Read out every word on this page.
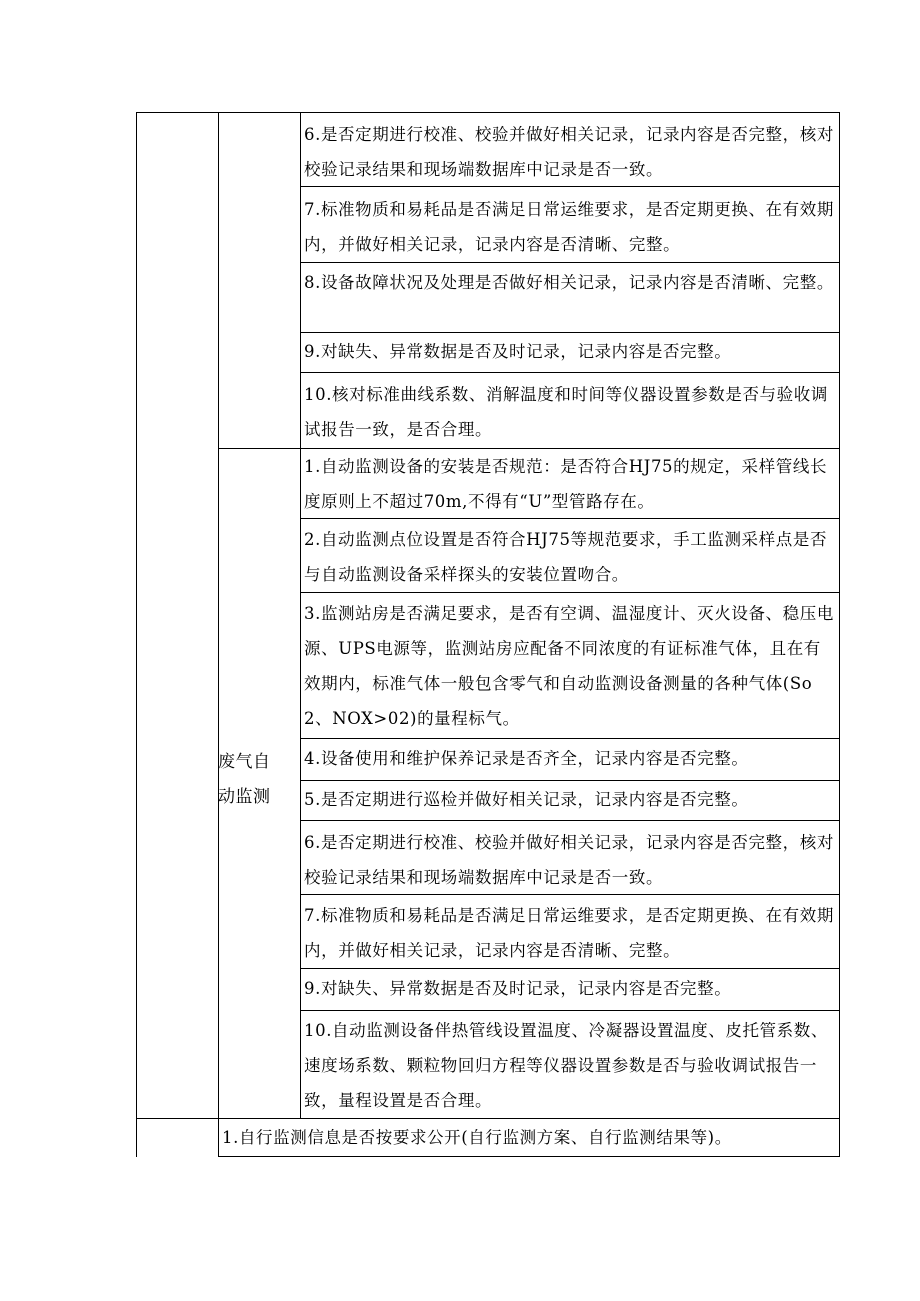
废气自动监测
6.是否定期进行校准、校验并做好相关记录，记录内容是否完整，核对校验记录结果和现场端数据库中记录是否一致。
7.标准物质和易耗品是否满足日常运维要求，是否定期更换、在有效期内，并做好相关记录，记录内容是否清晰、完整。
8.设备故障状况及处理是否做好相关记录，记录内容是否清晰、完整。
9.对缺失、异常数据是否及时记录，记录内容是否完整。
10.核对标准曲线系数、消解温度和时间等仪器设置参数是否与验收调试报告一致，是否合理。
1.自动监测设备的安装是否规范：是否符合HJ75的规定，采样管线长度原则上不超过70m,不得有“U”型管路存在。
2.自动监测点位设置是否符合HJ75等规范要求，手工监测采样点是否与自动监测设备采样探头的安装位置吻合。
3.监测站房是否满足要求，是否有空调、温湿度计、灭火设备、稳压电源、UPS电源等，监测站房应配备不同浓度的有证标准气体，且在有效期内，标准气体一般包含零气和自动监测设备测量的各种气体(So2、NOX>02)的量程标气。
4.设备使用和维护保养记录是否齐全，记录内容是否完整。
5.是否定期进行巡检并做好相关记录，记录内容是否完整。
6.是否定期进行校准、校验并做好相关记录，记录内容是否完整，核对校验记录结果和现场端数据库中记录是否一致。
7.标准物质和易耗品是否满足日常运维要求，是否定期更换、在有效期内，并做好相关记录，记录内容是否清晰、完整。
9.对缺失、异常数据是否及时记录，记录内容是否完整。
10.自动监测设备伴热管线设置温度、冷凝器设置温度、皮托管系数、速度场系数、颗粒物回归方程等仪器设置参数是否与验收调试报告一致，量程设置是否合理。
1.自行监测信息是否按要求公开(自行监测方案、自行监测结果等)。
